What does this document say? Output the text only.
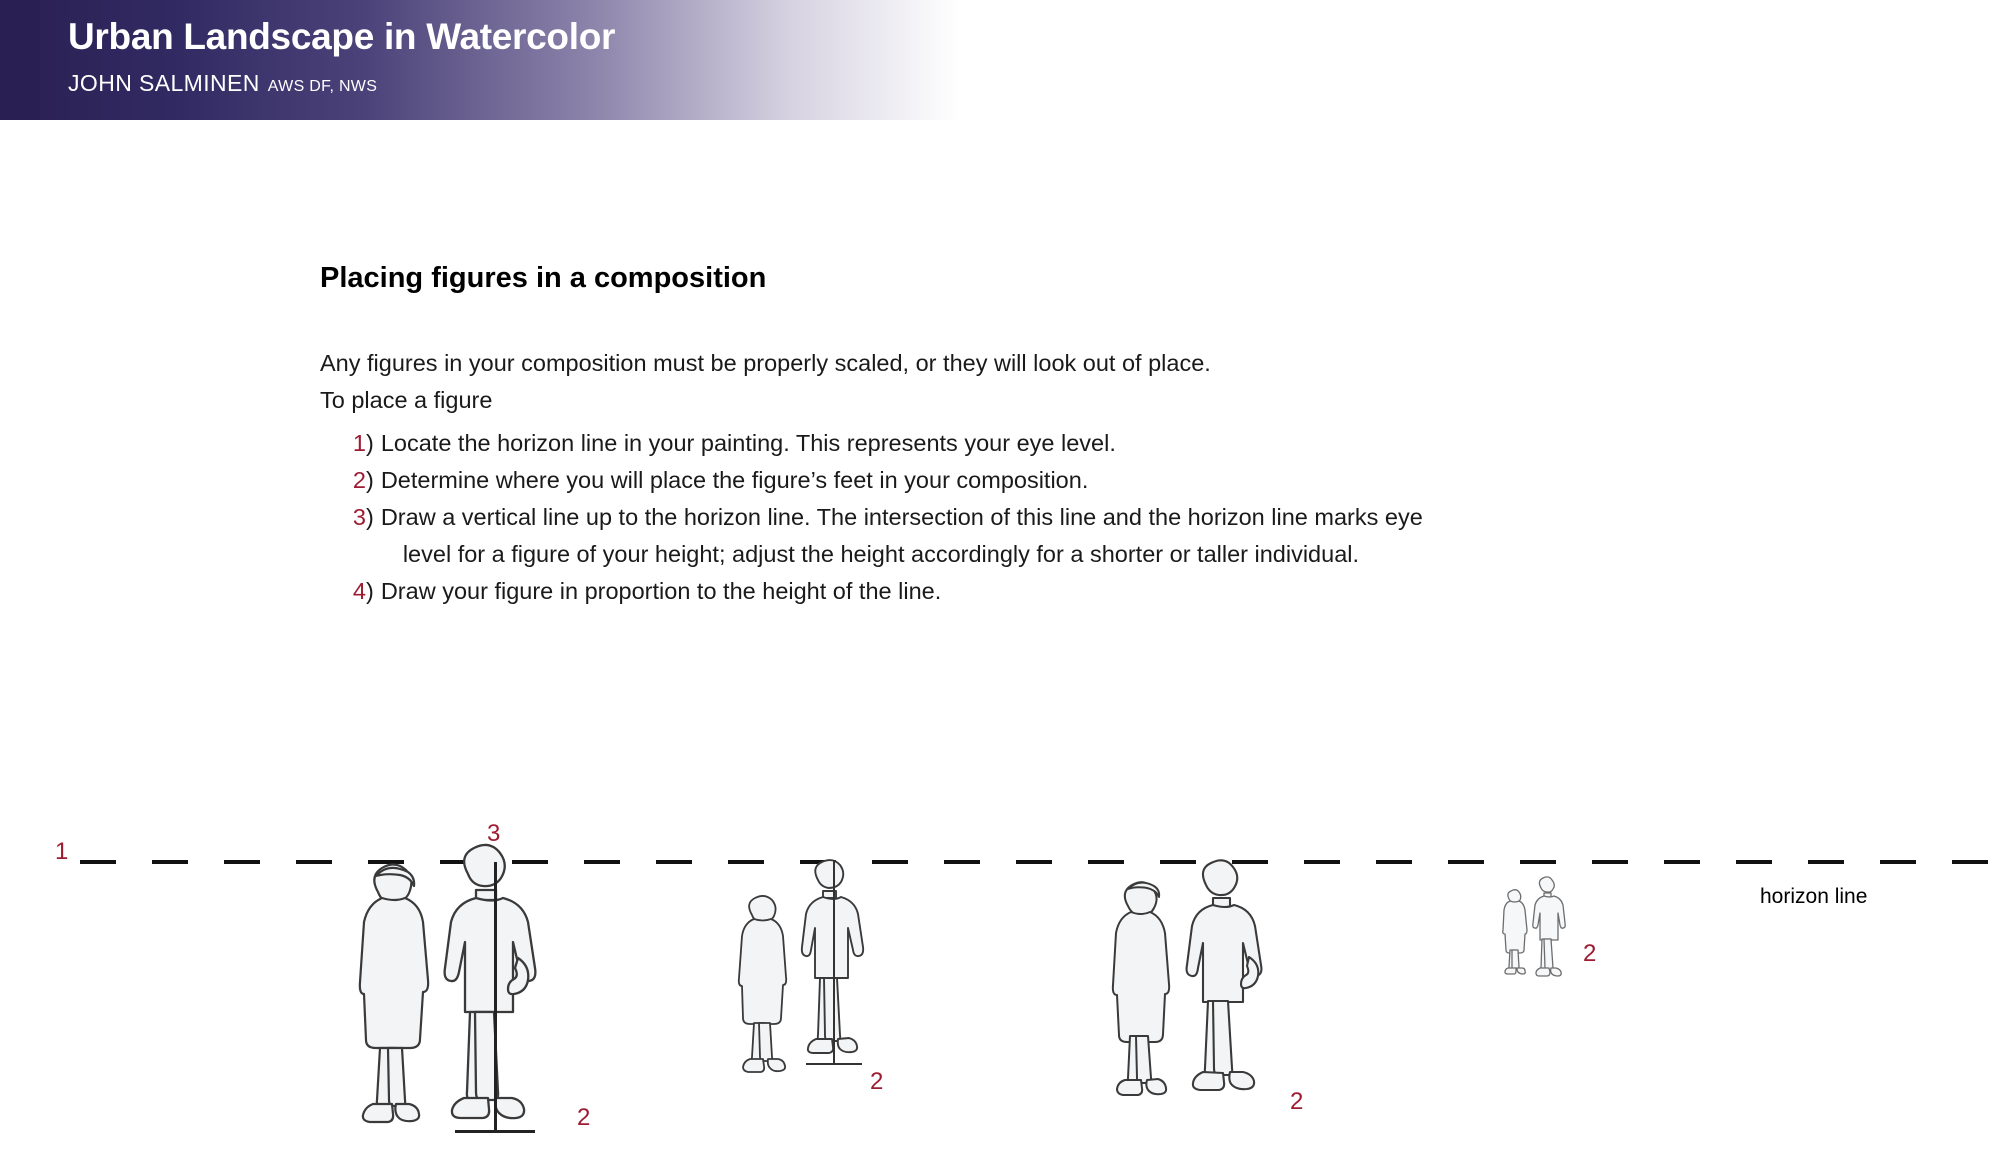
Urban Landscape in Watercolor
JOHN SALMINEN AWS DF, NWS
Placing figures in a composition
Any figures in your composition must be properly scaled, or they will look out of place.
To place a figure
1 ) Locate the horizon line in your painting. This represents your eye level.
2 ) Determine where you will place the figure’s feet in your composition.
3 ) Draw a vertical line up to the horizon line. The intersection of this line and the horizon line marks eye
level for a figure of your height; adjust the height accordingly for a shorter or taller individual.
4 ) Draw your figure in proportion to the height of the line.
1
horizon line
3
2
2
2
2
